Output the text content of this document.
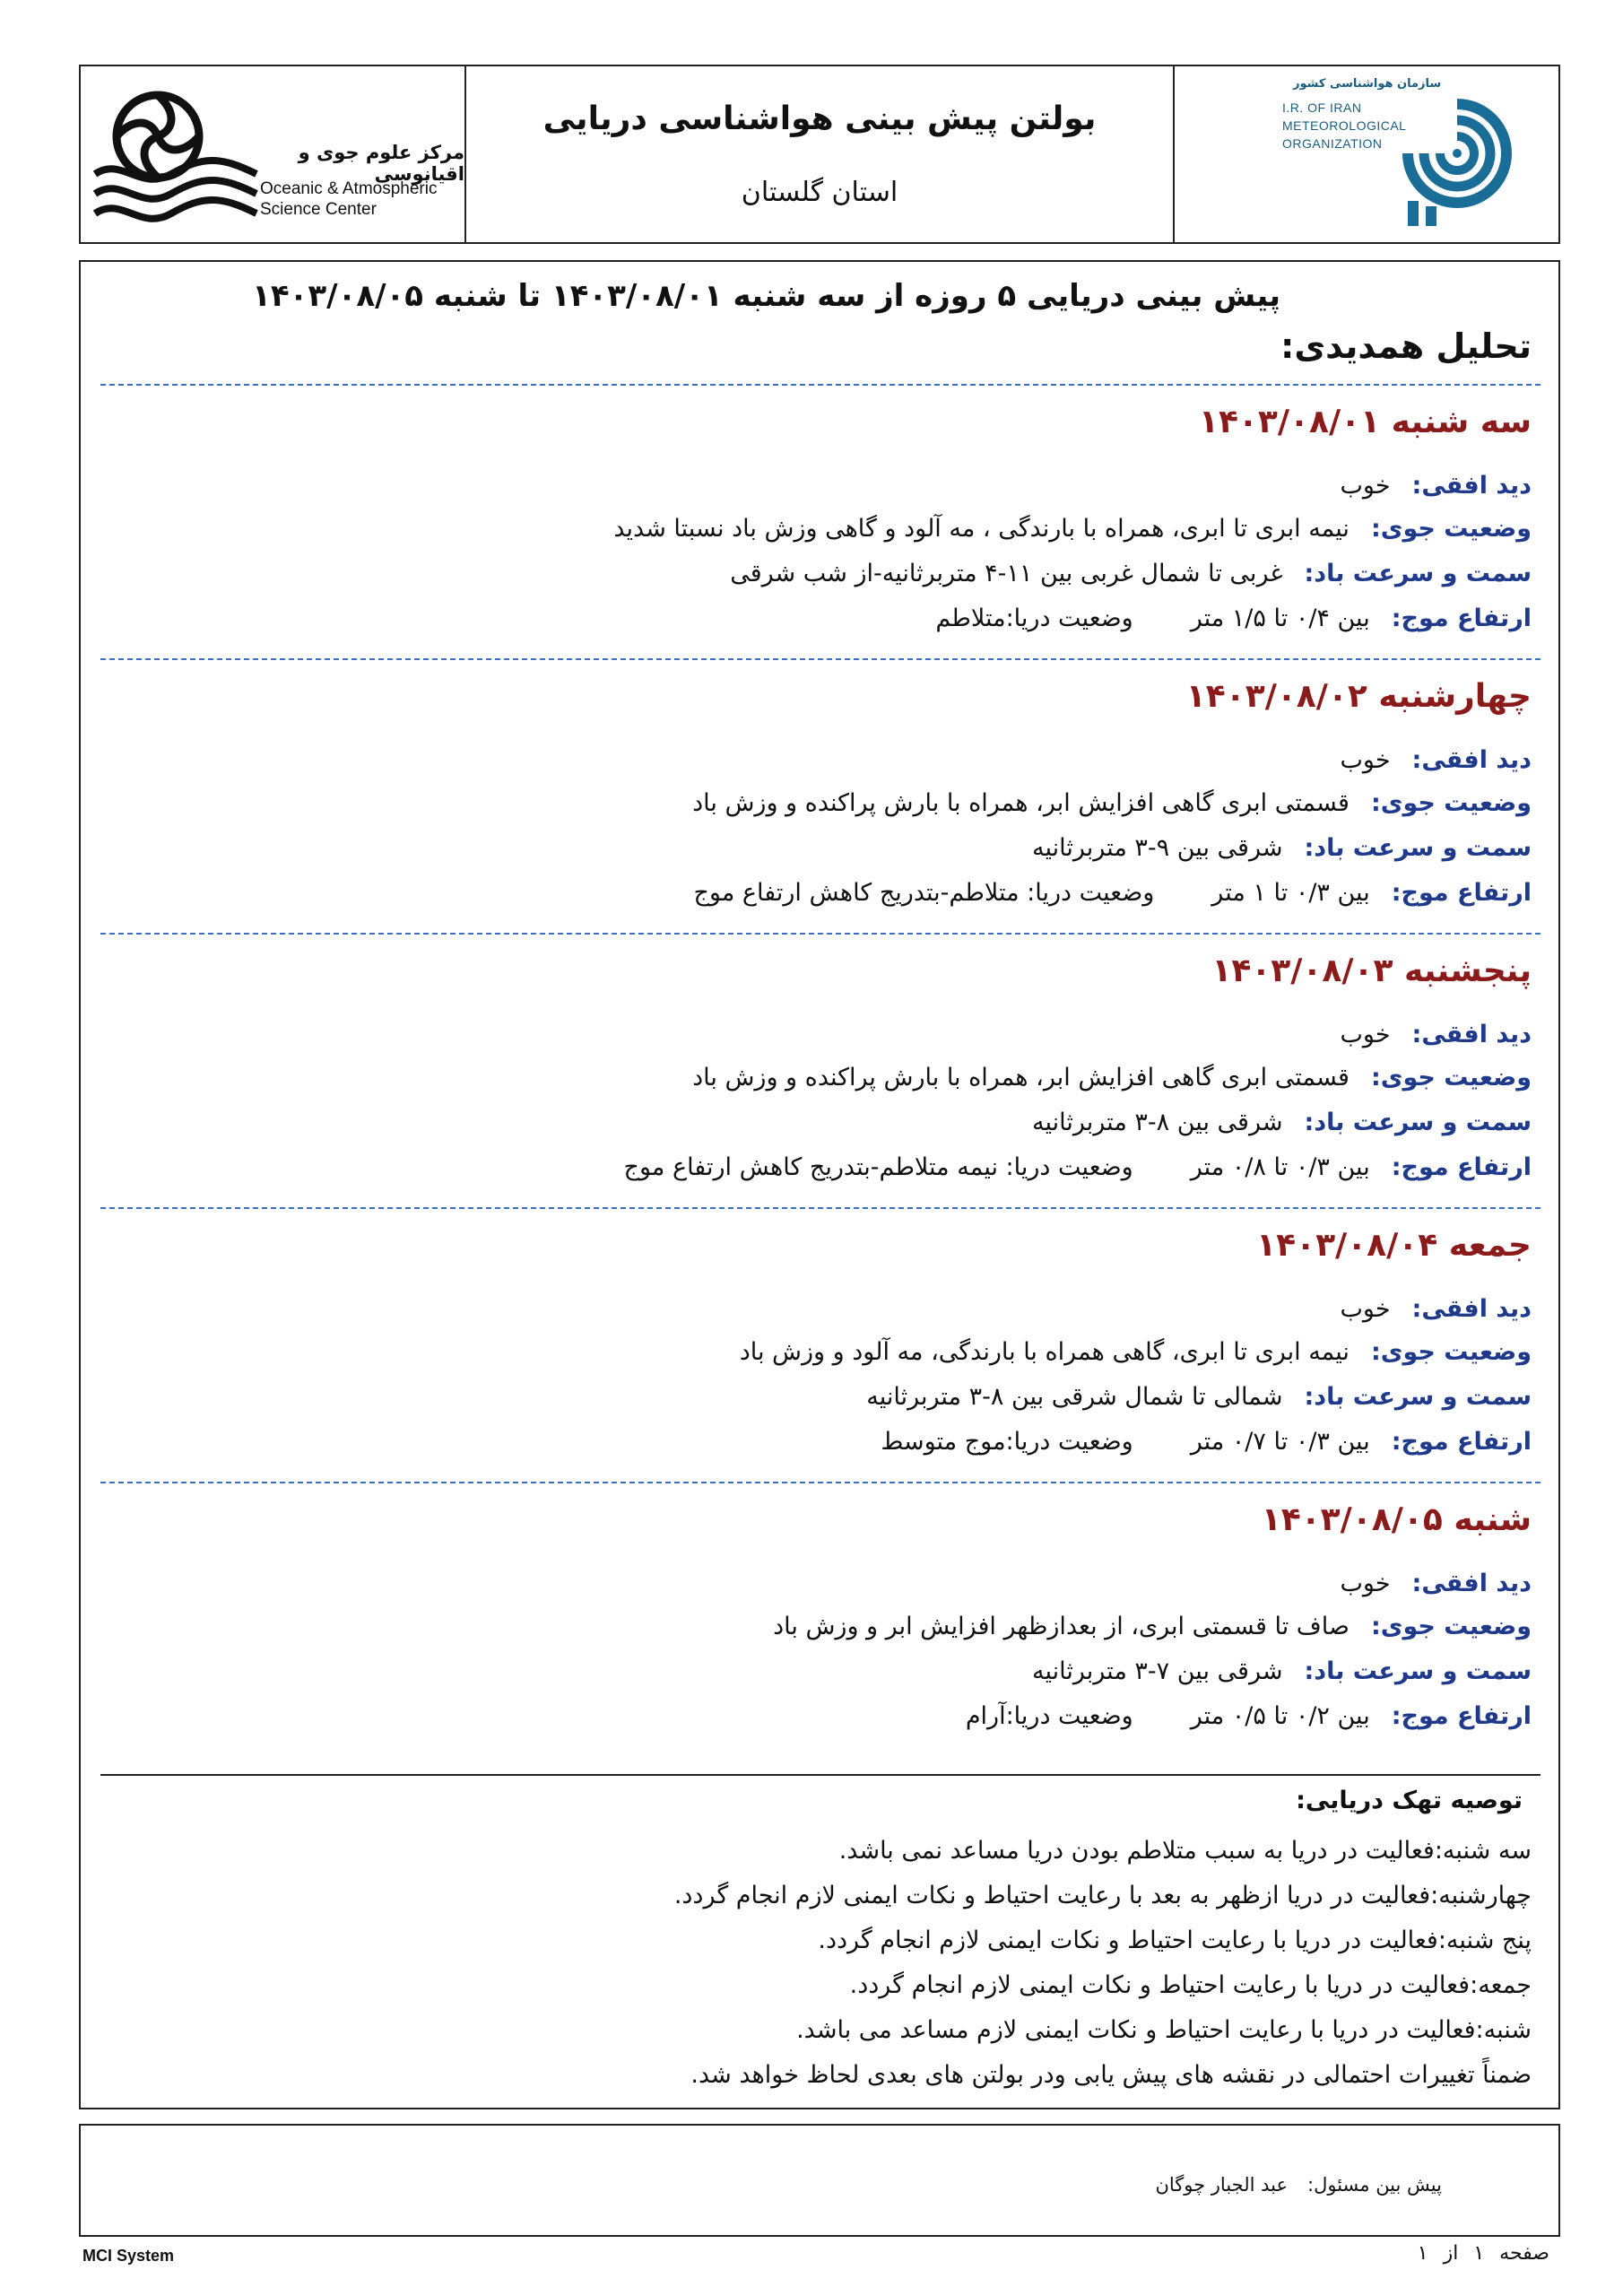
مرکز علوم جوی و اقیانوسی
Oceanic & Atmospheric
Science Center
بولتن پیش بینی هواشناسی دریایی
استان گلستان
سازمان هواشناسی کشور
I.R. OF IRAN
METEOROLOGICAL
ORGANIZATION
پیش بینی دریایی ۵ روزه از سه شنبه ۱۴۰۳/۰۸/۰۱ تا شنبه ۱۴۰۳/۰۸/۰۵
تحلیل همدیدی:
سه شنبه ۱۴۰۳/۰۸/۰۱
دید افقی:
خوب
وضعیت جوی:
نیمه ابری تا ابری، همراه با بارندگی ، مه آلود و گاهی وزش باد نسبتا شدید
سمت و سرعت باد:
غربی تا شمال غربی بین ۱۱-۴ متربرثانیه-از شب شرقی
ارتفاع موج:
بین ۰/۴ تا ۱/۵ متر
وضعیت دریا:متلاطم
چهارشنبه ۱۴۰۳/۰۸/۰۲
دید افقی:
خوب
وضعیت جوی:
قسمتی ابری گاهی افزایش ابر، همراه با بارش پراکنده و وزش باد
سمت و سرعت باد:
شرقی بین ۹-۳ متربرثانیه
ارتفاع موج:
بین ۰/۳ تا ۱ متر
وضعیت دریا: متلاطم-بتدریج کاهش ارتفاع موج
پنجشنبه ۱۴۰۳/۰۸/۰۳
دید افقی:
خوب
وضعیت جوی:
قسمتی ابری گاهی افزایش ابر، همراه با بارش پراکنده و وزش باد
سمت و سرعت باد:
شرقی بین ۸-۳ متربرثانیه
ارتفاع موج:
بین ۰/۳ تا ۰/۸ متر
وضعیت دریا: نیمه متلاطم-بتدریج کاهش ارتفاع موج
جمعه ۱۴۰۳/۰۸/۰۴
دید افقی:
خوب
وضعیت جوی:
نیمه ابری تا ابری، گاهی همراه با بارندگی، مه آلود و وزش باد
سمت و سرعت باد:
شمالی تا شمال شرقی بین ۸-۳ متربرثانیه
ارتفاع موج:
بین ۰/۳ تا ۰/۷ متر
وضعیت دریا:موج متوسط
شنبه ۱۴۰۳/۰۸/۰۵
دید افقی:
خوب
وضعیت جوی:
صاف تا قسمتی ابری، از بعدازظهر افزایش ابر و وزش باد
سمت و سرعت باد:
شرقی بین ۷-۳ متربرثانیه
ارتفاع موج:
بین ۰/۲ تا ۰/۵ متر
وضعیت دریا:آرام
توصیه تهک دریایی:
سه شنبه:فعالیت در دریا به سبب متلاطم بودن دریا مساعد نمی باشد.
چهارشنبه:فعالیت در دریا ازظهر به بعد با رعایت احتیاط و نکات ایمنی لازم انجام گردد.
پنج شنبه:فعالیت در دریا با رعایت احتیاط و نکات ایمنی لازم انجام گردد.
جمعه:فعالیت در دریا با رعایت احتیاط و نکات ایمنی لازم انجام گردد.
شنبه:فعالیت در دریا با رعایت احتیاط و نکات ایمنی لازم مساعد می باشد.
ضمناً تغییرات احتمالی در نقشه های پیش یابی ودر بولتن های بعدی لحاظ خواهد شد.
پیش بین مسئول:عبد الجبار چوگان
MCI System	صفحه ۱ از ۱
